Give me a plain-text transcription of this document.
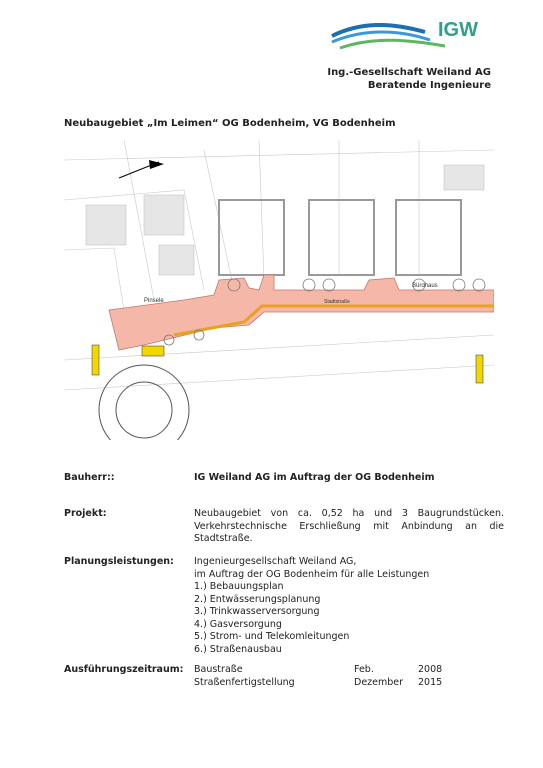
IGW
Ing.-Gesellschaft Weiland AG
Beratende Ingenieure
Neubaugebiet „Im Leimen“ OG Bodenheim, VG Bodenheim
Pinsele
Bürohaus
Stadtstraße
Bauherr::	IG Weiland AG im Auftrag der OG Bodenheim
Projekt:	Neubaugebiet von ca. 0,52 ha und 3 Baugrundstücken. Verkehrstechnische Erschließung mit Anbindung an die Stadtstraße.
Planungsleistungen:	Ingenieurgesellschaft Weiland AG,
im Auftrag der OG Bodenheim für alle Leistungen
1.) Bebauungsplan
2.) Entwässerungsplanung
3.) Trinkwasserversorgung
4.) Gasversorgung
5.) Strom- und Telekomleitungen
6.) Straßenausbau
Ausführungszeitraum:	Baustraße	Feb.	2008
Straßenfertigstellung	Dezember 2015
